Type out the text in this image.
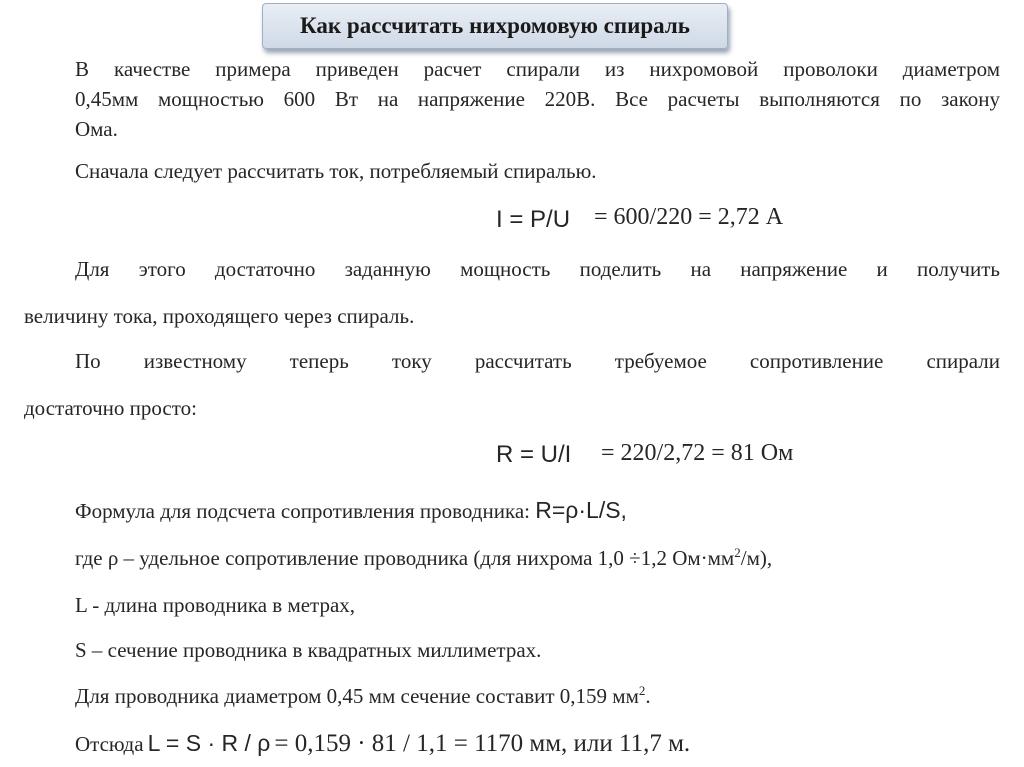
Как рассчитать нихромовую спираль
В качестве примера приведен расчет спирали из нихромовой проволоки диаметром
0,45мм мощностью 600 Вт на напряжение 220В. Все расчеты выполняются по закону
Ома.
Сначала следует рассчитать ток, потребляемый спиралью.
I = P/U = 600/220 = 2,72 А
Для этого достаточно заданную мощность поделить на напряжение и получить
величину тока, проходящего через спираль.
По известному теперь току рассчитать требуемое сопротивление спирали
достаточно просто:
R = U/I = 220/2,72 = 81 Ом
Формула для подсчета сопротивления проводника: R=ρ·L/S,
где ρ – удельное сопротивление проводника (для нихрома 1,0 ÷1,2 $Ом\cdot мм^2/м$),
L - длина проводника в метрах,
S – сечение проводника в квадратных миллиметрах.
Для проводника диаметром 0,45 мм сечение составит 0,159 $мм^2$.
Отсюда L = S · R / ρ = 0,159 · 81 / 1,1 = 1170 мм, или 11,7 м.
